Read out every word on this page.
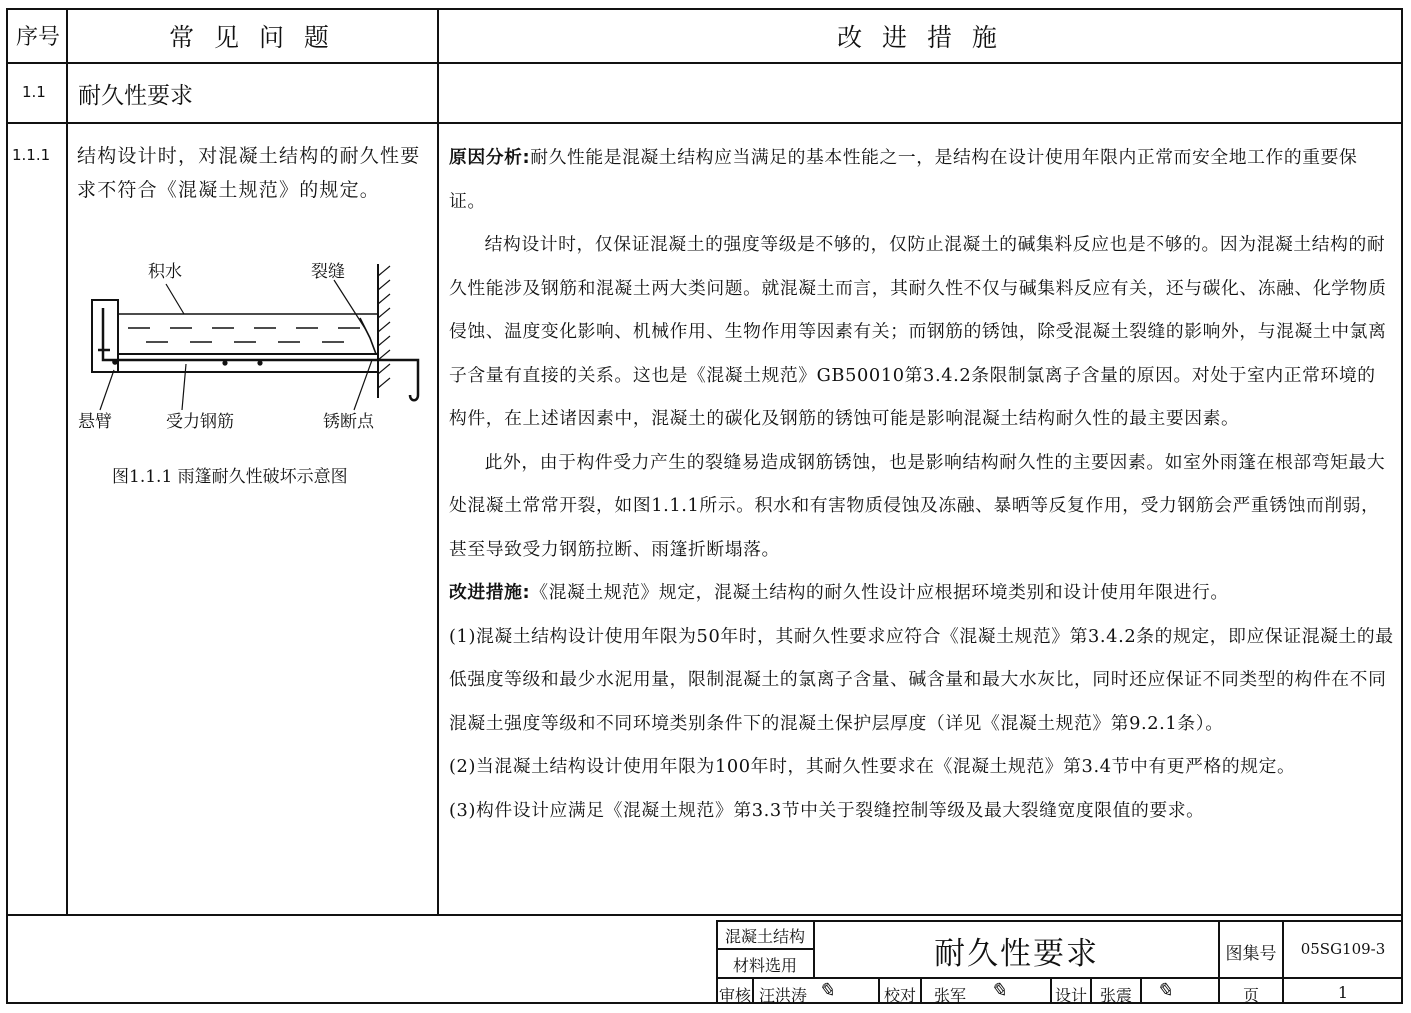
序号	常 见 问 题	改 进 措 施
1.1 耐久性要求
1.1.1 结构设计时，对混凝土结构的耐久性要
求不符合《混凝土规范》的规定。
积水	裂缝
悬臂	受力钢筋	锈断点
图1.1.1 雨篷耐久性破坏示意图

原因分析:耐久性能是混凝土结构应当满足的基本性能之一，是结构在设计使用年限内正常而安全地工作的重要保证。

结构设计时，仅保证混凝土的强度等级是不够的，仅防止混凝土的碱集料反应也是不够的。因为混凝土结构的耐久性能涉及钢筋和混凝土两大类问题。就混凝土而言，其耐久性不仅与碱集料反应有关，还与碳化、冻融、化学物质侵蚀、温度变化影响、机械作用、生物作用等因素有关；而钢筋的锈蚀，除受混凝土裂缝的影响外，与混凝土中氯离子含量有直接的关系。这也是《混凝土规范》GB50010第3.4.2条限制氯离子含量的原因。对处于室内正常环境的构件，在上述诸因素中，混凝土的碳化及钢筋的锈蚀可能是影响混凝土结构耐久性的最主要因素。

此外，由于构件受力产生的裂缝易造成钢筋锈蚀，也是影响结构耐久性的主要因素。如室外雨篷在根部弯矩最大处混凝土常常开裂，如图1.1.1所示。积水和有害物质侵蚀及冻融、暴晒等反复作用，受力钢筋会严重锈蚀而削弱，甚至导致受力钢筋拉断、雨篷折断塌落。

改进措施:《混凝土规范》规定，混凝土结构的耐久性设计应根据环境类别和设计使用年限进行。

(1)混凝土结构设计使用年限为50年时，其耐久性要求应符合《混凝土规范》第3.4.2条的规定，即应保证混凝土的最低强度等级和最少水泥用量，限制混凝土的氯离子含量、碱含量和最大水灰比，同时还应保证不同类型的构件在不同混凝土强度等级和不同环境类别条件下的混凝土保护层厚度（详见《混凝土规范》第9.2.1条）。

(2)当混凝土结构设计使用年限为100年时，其耐久性要求在《混凝土规范》第3.4节中有更严格的规定。

(3)构件设计应满足《混凝土规范》第3.3节中关于裂缝控制等级及最大裂缝宽度限值的要求。

混凝土结构
材料选用	耐久性要求	图集号	05SG109-3
审核 汪洪涛 ✎	校对	张军	✎	设计 张震	✎	页	1
